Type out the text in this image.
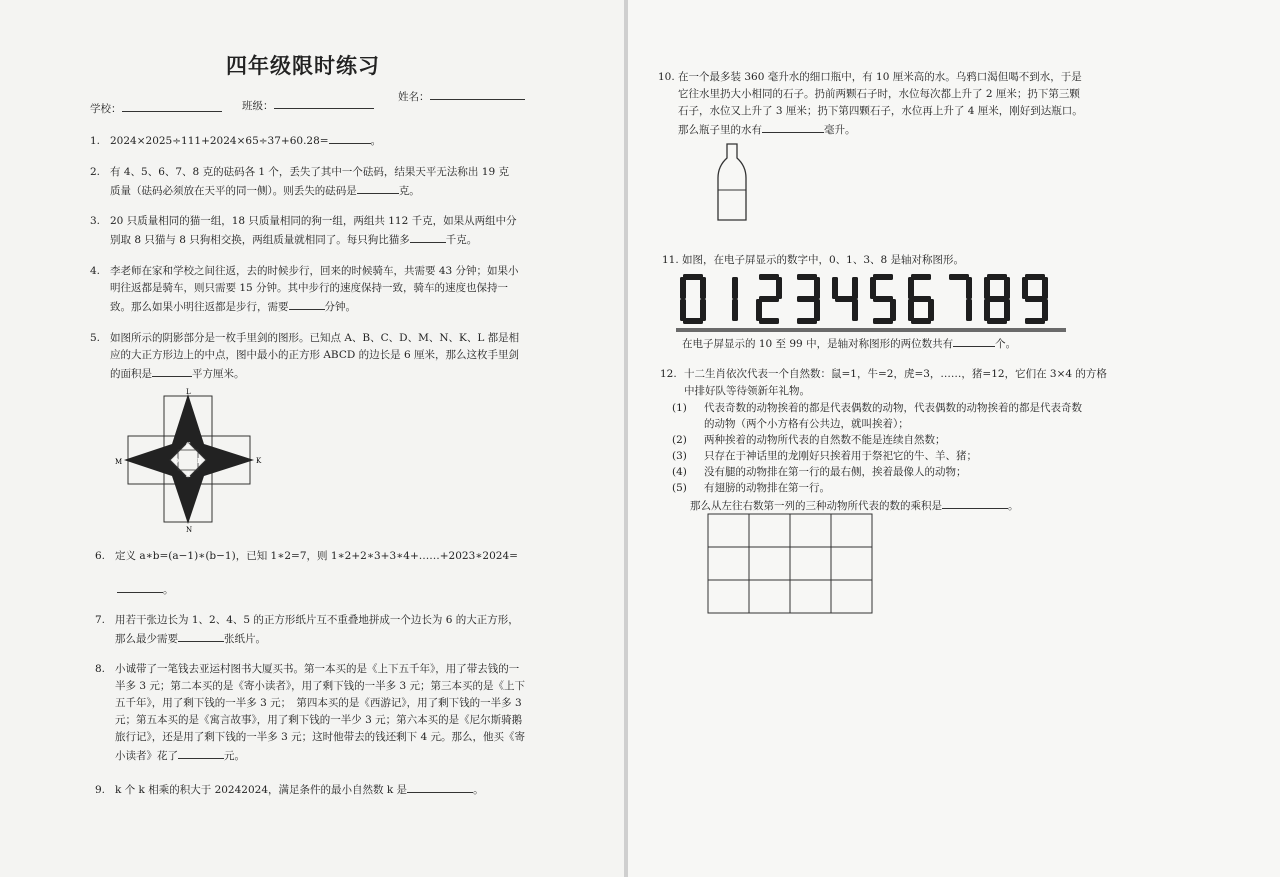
四年级限时练习
学校：	班级：
姓名：
1. 2024×2025÷111+2024×65÷37+60.28=	。
2. 有 4、5、6、7、8 克的砝码各 1 个，丢失了其中一个砝码，结果天平无法称出 19 克
质量（砝码必须放在天平的同一侧）。则丢失的砝码是	克。
3. 20 只质量相同的猫一组，18 只质量相同的狗一组，两组共 112 千克，如果从两组中分
别取 8 只猫与 8 只狗相交换，两组质量就相同了。每只狗比猫多	千克。
4. 李老师在家和学校之间往返，去的时候步行，回来的时候骑车，共需要 43 分钟；如果小
明往返都是骑车，则只需要 15 分钟。其中步行的速度保持一致，骑车的速度也保持一
致。那么如果小明往返都是步行，需要	分钟。
5. 如图所示的阴影部分是一枚手里剑的图形。已知点 A、B、C、D、M、N、K、L 都是相
应的大正方形边上的中点，图中最小的正方形 ABCD 的边长是 6 厘米，那么这枚手里剑
的面积是	平方厘米。
L
M	K
N
C
D	B
A
6. 定义 a∗b=(a−1)∗(b−1)，已知 1∗2=7，则 1∗2+2∗3+3∗4+……+2023∗2024=
。
7. 用若干张边长为 1、2、4、5 的正方形纸片互不重叠地拼成一个边长为 6 的大正方形，
那么最少需要	张纸片。
8. 小诚带了一笔钱去亚运村图书大厦买书。第一本买的是《上下五千年》，用了带去钱的一
半多 3 元；第二本买的是《寄小读者》，用了剩下钱的一半多 3 元；第三本买的是《上下
五千年》，用了剩下钱的一半多 3 元；　第四本买的是《西游记》，用了剩下钱的一半多 3
元；第五本买的是《寓言故事》，用了剩下钱的一半少 3 元；第六本买的是《尼尔斯骑鹅
旅行记》，还是用了剩下钱的一半多 3 元；这时他带去的钱还剩下 4 元。那么，他买《寄
小读者》花了	元。
9. k 个 k 相乘的积大于 20242024，满足条件的最小自然数 k 是	。
10. 在一个最多装 360 毫升水的细口瓶中，有 10 厘米高的水。乌鸦口渴但喝不到水，于是
它往水里扔大小相同的石子。扔前两颗石子时，水位每次都上升了 2 厘米；扔下第三颗
石子，水位又上升了 3 厘米；扔下第四颗石子，水位再上升了 4 厘米，刚好到达瓶口。
那么瓶子里的水有	毫升。
11. 如图，在电子屏显示的数字中，0、1、3、8 是轴对称图形。
在电子屏显示的 10 至 99 中，是轴对称图形的两位数共有	个。
12. 十二生肖依次代表一个自然数：鼠=1，牛=2，虎=3，……，猪=12，它们在 3×4 的方格
中排好队等待领新年礼物。
(1) 代表奇数的动物挨着的都是代表偶数的动物，代表偶数的动物挨着的都是代表奇数
的动物（两个小方格有公共边，就叫挨着）；
(2) 两种挨着的动物所代表的自然数不能是连续自然数；
(3) 只存在于神话里的龙刚好只挨着用于祭祀它的牛、羊、猪；
(4) 没有腿的动物排在第一行的最右侧，挨着最像人的动物；
(5) 有翅膀的动物排在第一行。
那么从左往右数第一列的三种动物所代表的数的乘积是	。
